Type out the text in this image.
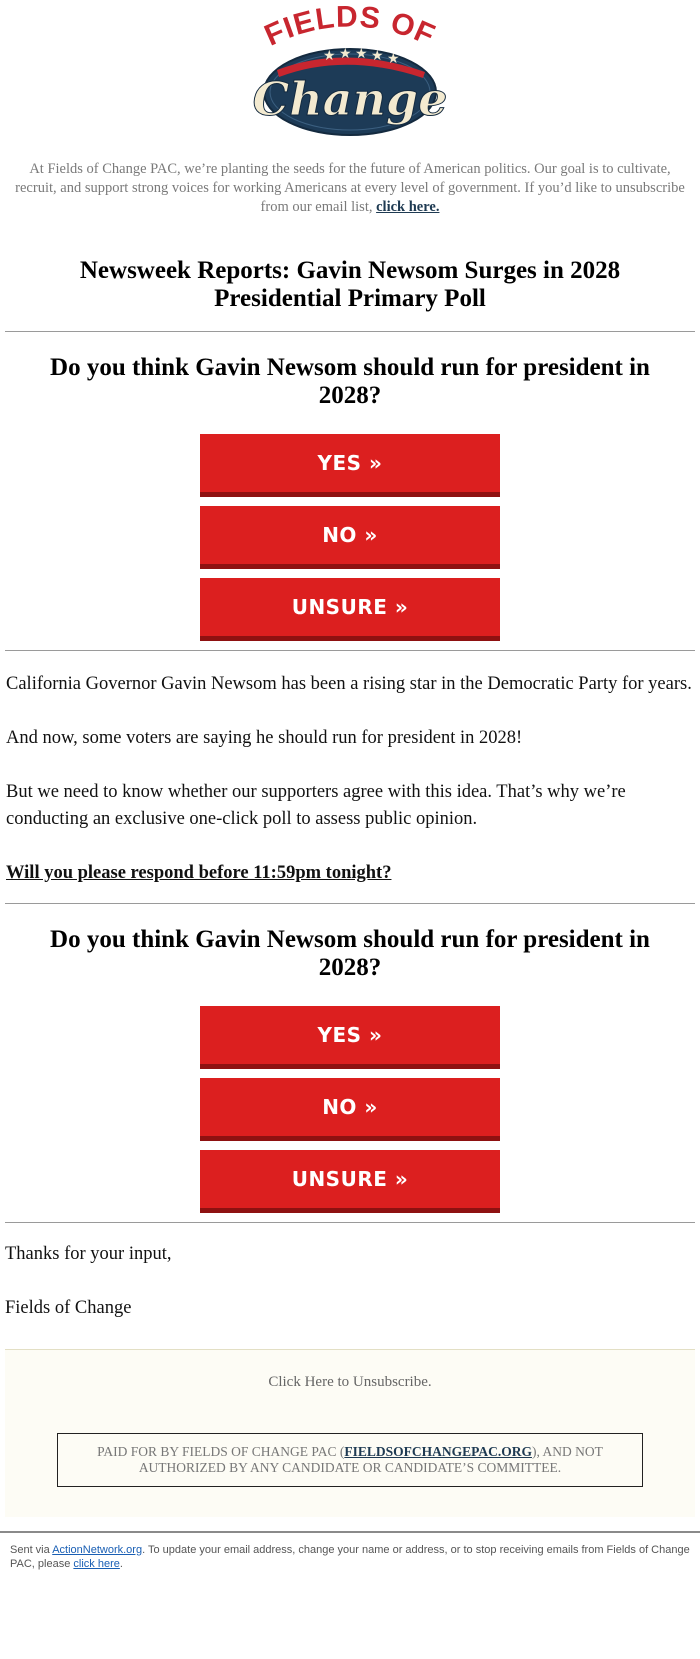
★ ★ ★ ★ ★
FIELDS OF
Change
At Fields of Change PAC, we’re planting the seeds for the future of American politics. Our goal is to cultivate, recruit, and support strong voices for working Americans at every level of government. If you’d like to unsubscribe from our email list, click here.
Newsweek Reports: Gavin Newsom Surges in 2028 Presidential Primary Poll
Do you think Gavin Newsom should run for president in 2028?
YES »
NO »
UNSURE »

California Governor Gavin Newsom has been a rising star in the Democratic Party for years.

And now, some voters are saying he should run for president in 2028!

But we need to know whether our supporters agree with this idea. That’s why we’re conducting an exclusive one-click poll to assess public opinion.

Will you please respond before 11:59pm tonight?

Do you think Gavin Newsom should run for president in 2028?
YES »
NO »
UNSURE »

Thanks for your input,

Fields of Change

Click Here to Unsubscribe.
PAID FOR BY FIELDS OF CHANGE PAC (FIELDSOFCHANGEPAC.ORG), AND NOT AUTHORIZED BY ANY CANDIDATE OR CANDIDATE’S COMMITTEE.
Sent via ActionNetwork.org. To update your email address, change your name or address, or to stop receiving emails from Fields of Change PAC, please click here.
